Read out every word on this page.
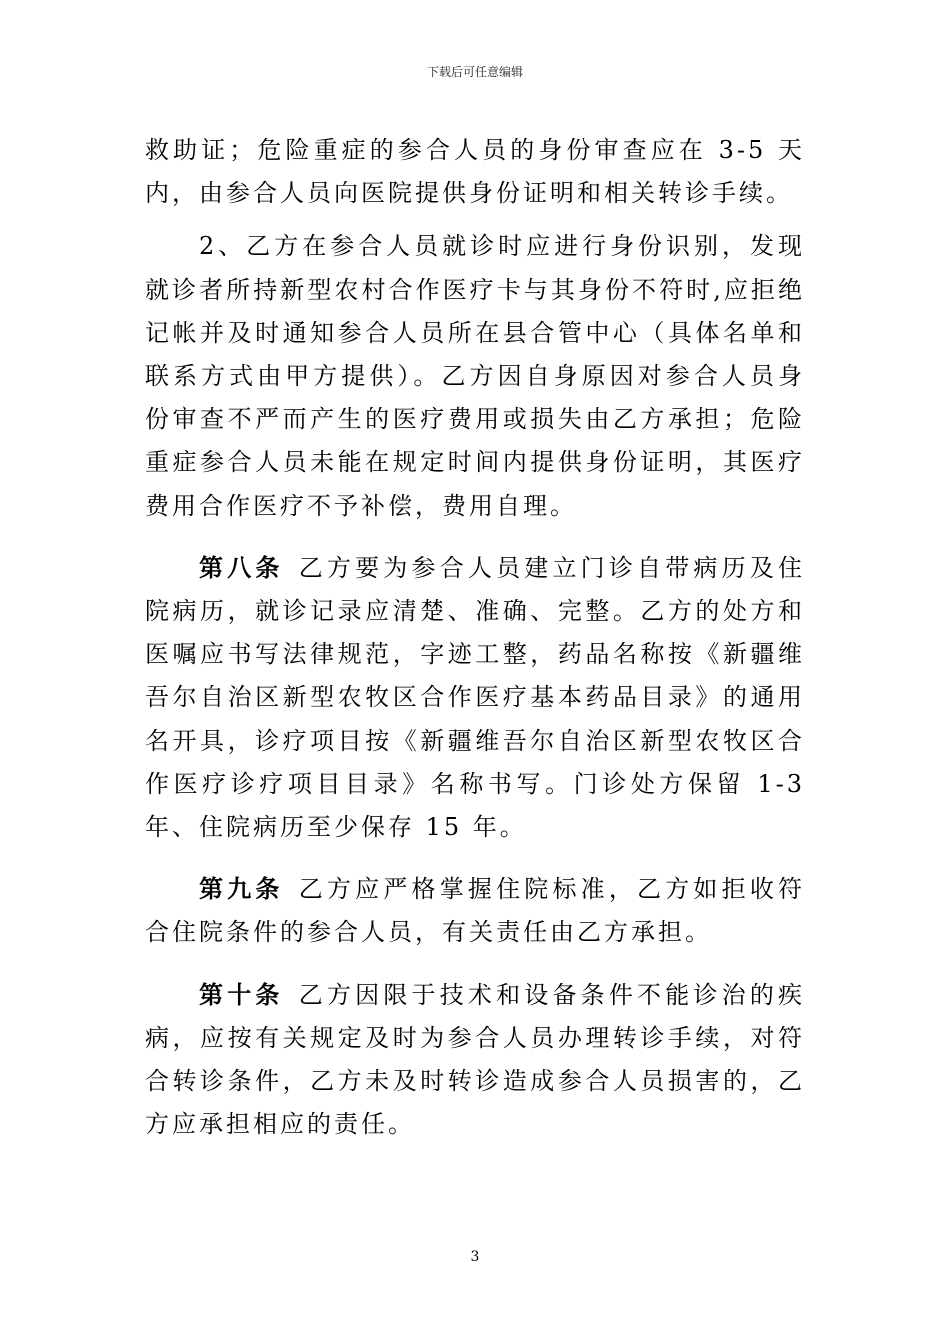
下载后可任意编辑

救助证；危险重症的参合人员的身份审查应在 3-5 天内，由参合人员向医院提供身份证明和相关转诊手续。

2、乙方在参合人员就诊时应进行身份识别，发现就诊者所持新型农村合作医疗卡与其身份不符时,应拒绝记帐并及时通知参合人员所在县合管中心（具体名单和联系方式由甲方提供）。乙方因自身原因对参合人员身份审查不严而产生的医疗费用或损失由乙方承担；危险重症参合人员未能在规定时间内提供身份证明，其医疗费用合作医疗不予补偿，费用自理。

第八条 乙方要为参合人员建立门诊自带病历及住院病历，就诊记录应清楚、准确、完整。乙方的处方和医嘱应书写法律规范，字迹工整，药品名称按《新疆维吾尔自治区新型农牧区合作医疗基本药品目录》的通用名开具，诊疗项目按《新疆维吾尔自治区新型农牧区合作医疗诊疗项目目录》名称书写。门诊处方保留 1-3 年、住院病历至少保存 15 年。

第九条 乙方应严格掌握住院标准，乙方如拒收符合住院条件的参合人员，有关责任由乙方承担。

第十条 乙方因限于技术和设备条件不能诊治的疾病，应按有关规定及时为参合人员办理转诊手续，对符合转诊条件，乙方未及时转诊造成参合人员损害的，乙方应承担相应的责任。

3
